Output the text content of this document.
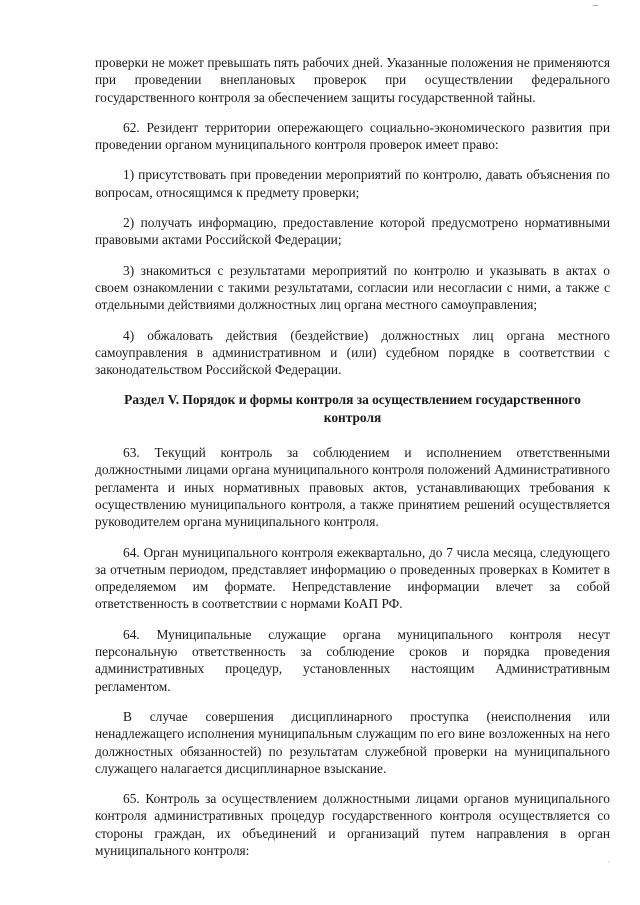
–
·

проверки не может превышать пять рабочих дней. Указанные положения не применяются при проведении внеплановых проверок при осуществлении федерального государственного контроля за обеспечением защиты государственной тайны.

62. Резидент территории опережающего социально-экономического развития при проведении органом муниципального контроля проверок имеет право:

1) присутствовать при проведении мероприятий по контролю, давать объяснения по вопросам, относящимся к предмету проверки;

2) получать информацию, предоставление которой предусмотрено нормативными правовыми актами Российской Федерации;

3) знакомиться с результатами мероприятий по контролю и указывать в актах о своем ознакомлении с такими результатами, согласии или несогласии с ними, а также с отдельными действиями должностных лиц органа местного самоуправления;

4) обжаловать действия (бездействие) должностных лиц органа местного самоуправления в административном и (или) судебном порядке в соответствии с законодательством Российской Федерации.

Раздел V. Порядок и формы контроля за осуществлением государственного контроля

63. Текущий контроль за соблюдением и исполнением ответственными должностными лицами органа муниципального контроля положений Административного регламента и иных нормативных правовых актов, устанавливающих требования к осуществлению муниципального контроля, а также принятием решений осуществляется руководителем органа муниципального контроля.

64. Орган муниципального контроля ежеквартально, до 7 числа месяца, следующего за отчетным периодом, представляет информацию о проведенных проверках в Комитет в определяемом им формате. Непредставление информации влечет за собой ответственность в соответствии с нормами КоАП РФ.

64. Муниципальные служащие органа муниципального контроля несут персональную ответственность за соблюдение сроков и порядка проведения административных процедур, установленных настоящим Административным регламентом.

В случае совершения дисциплинарного проступка (неисполнения или ненадлежащего исполнения муниципальным служащим по его вине возложенных на него должностных обязанностей) по результатам служебной проверки на муниципального служащего налагается дисциплинарное взыскание.

65. Контроль за осуществлением должностными лицами органов муниципального контроля административных процедур государственного контроля осуществляется со стороны граждан, их объединений и организаций путем направления в орган муниципального контроля:
